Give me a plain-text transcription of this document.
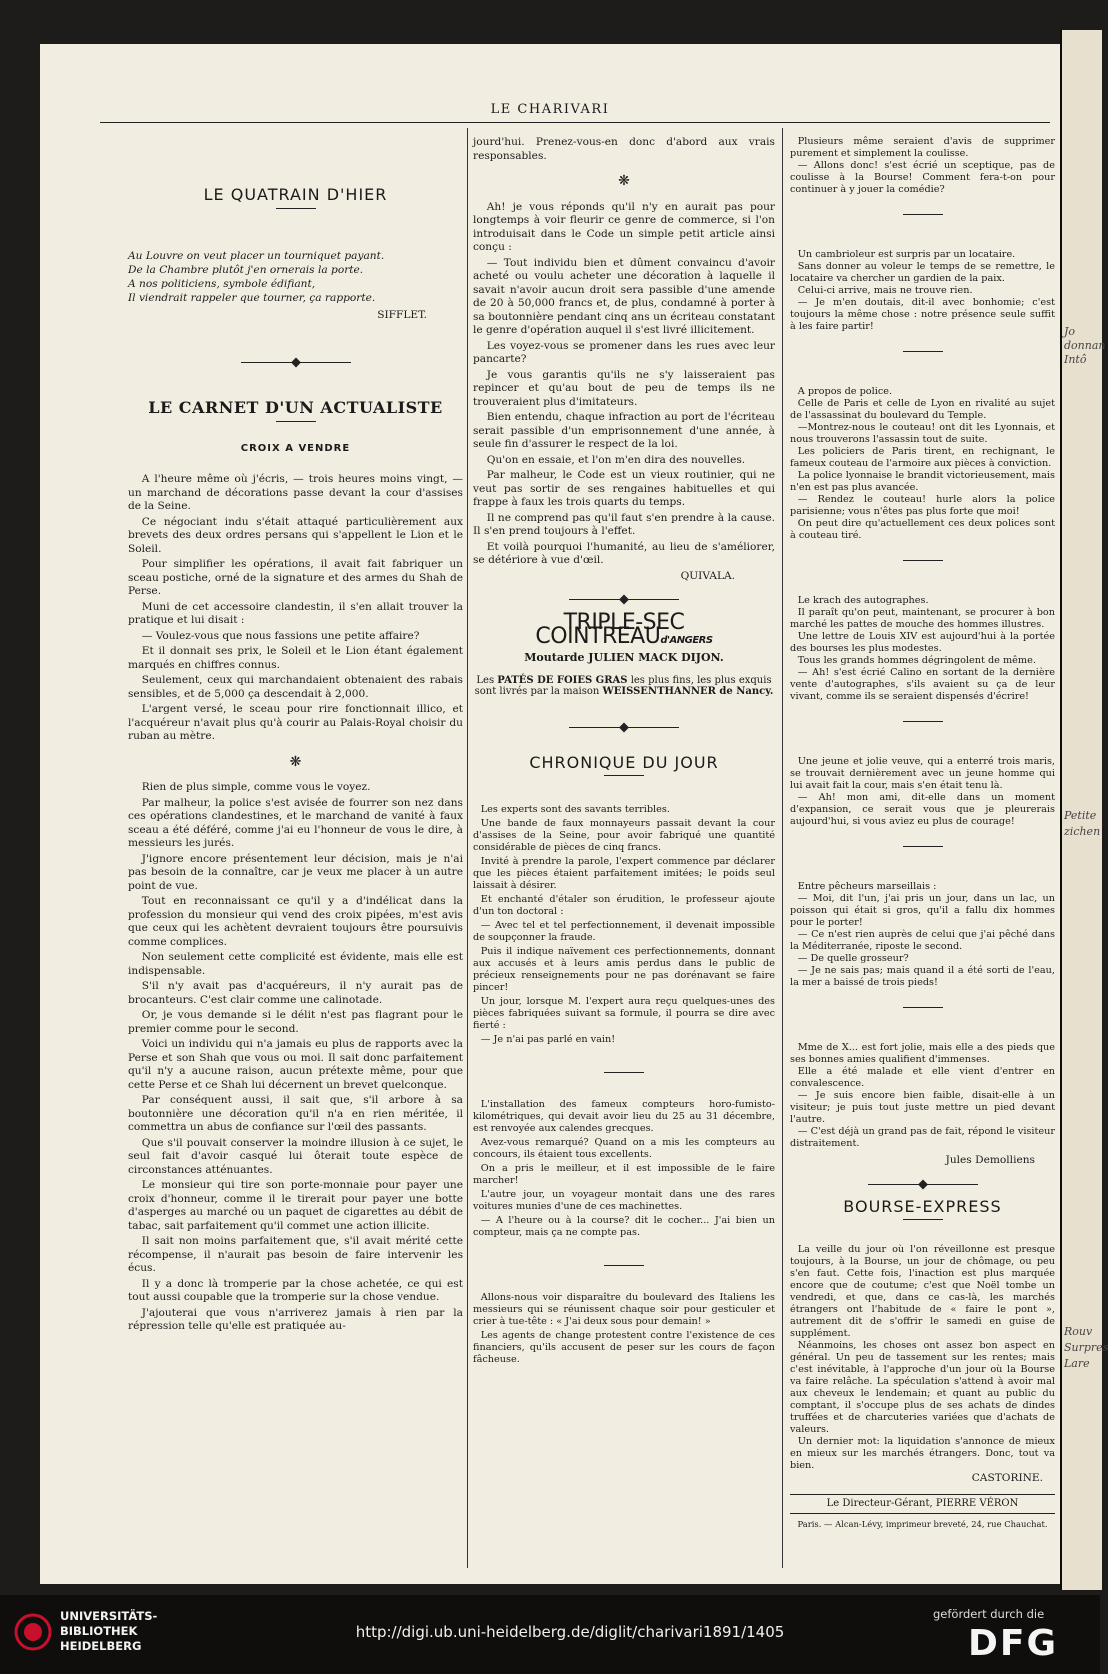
LE CHARIVARI
LE QUATRAIN D'HIER
Au Louvre on veut placer un tourniquet payant.
De la Chambre plutôt j'en ornerais la porte.
A nos politiciens, symbole édifiant,
Il viendrait rappeler que tourner, ça rapporte.
SIFFLET.
LE CARNET D'UN ACTUALISTE
CROIX A VENDRE

A l'heure même où j'écris, — trois heures moins vingt, — un marchand de décorations passe devant la cour d'assises de la Seine.

Ce négociant indu s'était attaqué particulièrement aux brevets des deux ordres persans qui s'appellent le Lion et le Soleil.

Pour simplifier les opérations, il avait fait fabriquer un sceau postiche, orné de la signature et des armes du Shah de Perse.

Muni de cet accessoire clandestin, il s'en allait trouver la pratique et lui disait :

— Voulez-vous que nous fassions une petite affaire?

Et il donnait ses prix, le Soleil et le Lion étant également marqués en chiffres connus.

Seulement, ceux qui marchandaient obtenaient des rabais sensibles, et de 5,000 ça descendait à 2,000.

L'argent versé, le sceau pour rire fonctionnait illico, et l'acquéreur n'avait plus qu'à courir au Palais-Royal choisir du ruban au mètre.

❋

Rien de plus simple, comme vous le voyez.

Par malheur, la police s'est avisée de fourrer son nez dans ces opérations clandestines, et le marchand de vanité à faux sceau a été déféré, comme j'ai eu l'honneur de vous le dire, à messieurs les jurés.

J'ignore encore présentement leur décision, mais je n'ai pas besoin de la connaître, car je veux me placer à un autre point de vue.

Tout en reconnaissant ce qu'il y a d'indélicat dans la profession du monsieur qui vend des croix pipées, m'est avis que ceux qui les achètent devraient toujours être poursuivis comme complices.

Non seulement cette complicité est évidente, mais elle est indispensable.

S'il n'y avait pas d'acquéreurs, il n'y aurait pas de brocanteurs. C'est clair comme une calinotade.

Or, je vous demande si le délit n'est pas flagrant pour le premier comme pour le second.

Voici un individu qui n'a jamais eu plus de rapports avec la Perse et son Shah que vous ou moi. Il sait donc parfaitement qu'il n'y a aucune raison, aucun prétexte même, pour que cette Perse et ce Shah lui décernent un brevet quelconque.

Par conséquent aussi, il sait que, s'il arbore à sa boutonnière une décoration qu'il n'a en rien méritée, il commettra un abus de confiance sur l'œil des passants.

Que s'il pouvait conserver la moindre illusion à ce sujet, le seul fait d'avoir casqué lui ôterait toute espèce de circonstances atténuantes.

Le monsieur qui tire son porte-monnaie pour payer une croix d'honneur, comme il le tirerait pour payer une botte d'asperges au marché ou un paquet de cigarettes au débit de tabac, sait parfaitement qu'il commet une action illicite.

Il sait non moins parfaitement que, s'il avait mérité cette récompense, il n'aurait pas besoin de faire intervenir les écus.

Il y a donc là tromperie par la chose achetée, ce qui est tout aussi coupable que la tromperie sur la chose vendue.

J'ajouterai que vous n'arriverez jamais à rien par la répression telle qu'elle est pratiquée au-

jourd'hui. Prenez-vous-en donc d'abord aux vrais responsables.

❋

Ah! je vous réponds qu'il n'y en aurait pas pour longtemps à voir fleurir ce genre de commerce, si l'on introduisait dans le Code un simple petit article ainsi conçu :

— Tout individu bien et dûment convaincu d'avoir acheté ou voulu acheter une décoration à laquelle il savait n'avoir aucun droit sera passible d'une amende de 20 à 50,000 francs et, de plus, condamné à porter à sa boutonnière pendant cinq ans un écriteau constatant le genre d'opération auquel il s'est livré illicitement.

Les voyez-vous se promener dans les rues avec leur pancarte?

Je vous garantis qu'ils ne s'y laisseraient pas repincer et qu'au bout de peu de temps ils ne trouveraient plus d'imitateurs.

Bien entendu, chaque infraction au port de l'écriteau serait passible d'un emprisonnement d'une année, à seule fin d'assurer le respect de la loi.

Qu'on en essaie, et l'on m'en dira des nouvelles.

Par malheur, le Code est un vieux routinier, qui ne veut pas sortir de ses rengaines habituelles et qui frappe à faux les trois quarts du temps.

Il ne comprend pas qu'il faut s'en prendre à la cause. Il s'en prend toujours à l'effet.

Et voilà pourquoi l'humanité, au lieu de s'améliorer, se détériore à vue d'œil.

QUIVALA.
TRIPLE-SEC COINTREAUd'ANGERS
Moutarde JULIEN MACK DIJON.
Les PATÉS DE FOIES GRAS les plus fins, les plus exquis sont livrés par la maison WEISSENTHANNER de Nancy.
CHRONIQUE DU JOUR

Les experts sont des savants terribles.

Une bande de faux monnayeurs passait devant la cour d'assises de la Seine, pour avoir fabriqué une quantité considérable de pièces de cinq francs.

Invité à prendre la parole, l'expert commence par déclarer que les pièces étaient parfaitement imitées; le poids seul laissait à désirer.

Et enchanté d'étaler son érudition, le professeur ajoute d'un ton doctoral :

— Avec tel et tel perfectionnement, il devenait impossible de soupçonner la fraude.

Puis il indique naïvement ces perfectionnements, donnant aux accusés et à leurs amis perdus dans le public de précieux renseignements pour ne pas dorénavant se faire pincer!

Un jour, lorsque M. l'expert aura reçu quelques-unes des pièces fabriquées suivant sa formule, il pourra se dire avec fierté :

— Je n'ai pas parlé en vain!

L'installation des fameux compteurs horo-fumisto-kilométriques, qui devait avoir lieu du 25 au 31 décembre, est renvoyée aux calendes grecques.

Avez-vous remarqué? Quand on a mis les compteurs au concours, ils étaient tous excellents.

On a pris le meilleur, et il est impossible de le faire marcher!

L'autre jour, un voyageur montait dans une des rares voitures munies d'une de ces machinettes.

— A l'heure ou à la course? dit le cocher... J'ai bien un compteur, mais ça ne compte pas.

Allons-nous voir disparaître du boulevard des Italiens les messieurs qui se réunissent chaque soir pour gesticuler et crier à tue-tête : « J'ai deux sous pour demain! »

Les agents de change protestent contre l'existence de ces financiers, qu'ils accusent de peser sur les cours de façon fâcheuse.

Plusieurs même seraient d'avis de supprimer purement et simplement la coulisse.

— Allons donc! s'est écrié un sceptique, pas de coulisse à la Bourse! Comment fera-t-on pour continuer à y jouer la comédie?

Un cambrioleur est surpris par un locataire.

Sans donner au voleur le temps de se remettre, le locataire va chercher un gardien de la paix.

Celui-ci arrive, mais ne trouve rien.

— Je m'en doutais, dit-il avec bonhomie; c'est toujours la même chose : notre présence seule suffit à les faire partir!

A propos de police.

Celle de Paris et celle de Lyon en rivalité au sujet de l'assassinat du boulevard du Temple.

—Montrez-nous le couteau! ont dit les Lyonnais, et nous trouverons l'assassin tout de suite.

Les policiers de Paris tirent, en rechignant, le fameux couteau de l'armoire aux pièces à conviction.

La police lyonnaise le brandit victorieusement, mais n'en est pas plus avancée.

— Rendez le couteau! hurle alors la police parisienne; vous n'êtes pas plus forte que moi!

On peut dire qu'actuellement ces deux polices sont à couteau tiré.

Le krach des autographes.

Il paraît qu'on peut, maintenant, se procurer à bon marché les pattes de mouche des hommes illustres.

Une lettre de Louis XIV est aujourd'hui à la portée des bourses les plus modestes.

Tous les grands hommes dégringolent de même.

— Ah! s'est écrié Calino en sortant de la dernière vente d'autographes, s'ils avaient su ça de leur vivant, comme ils se seraient dispensés d'écrire!

Une jeune et jolie veuve, qui a enterré trois maris, se trouvait dernièrement avec un jeune homme qui lui avait fait la cour, mais s'en était tenu là.

— Ah! mon ami, dit-elle dans un moment d'expansion, ce serait vous que je pleurerais aujourd'hui, si vous aviez eu plus de courage!

Entre pêcheurs marseillais :

— Moi, dit l'un, j'ai pris un jour, dans un lac, un poisson qui était si gros, qu'il a fallu dix hommes pour le porter!

— Ce n'est rien auprès de celui que j'ai pêché dans la Méditerranée, riposte le second.

— De quelle grosseur?

— Je ne sais pas; mais quand il a été sorti de l'eau, la mer a baissé de trois pieds!

Mme de X... est fort jolie, mais elle a des pieds que ses bonnes amies qualifient d'immenses.

Elle a été malade et elle vient d'entrer en convalescence.

— Je suis encore bien faible, disait-elle à un visiteur; je puis tout juste mettre un pied devant l'autre.

— C'est déjà un grand pas de fait, répond le visiteur distraitement.

Jules Demolliens
BOURSE-EXPRESS

La veille du jour où l'on réveillonne est presque toujours, à la Bourse, un jour de chômage, ou peu s'en faut. Cette fois, l'inaction est plus marquée encore que de coutume; c'est que Noël tombe un vendredi, et que, dans ce cas-là, les marchés étrangers ont l'habitude de « faire le pont », autrement dit de s'offrir le samedi en guise de supplément.

Néanmoins, les choses ont assez bon aspect en général. Un peu de tassement sur les rentes; mais c'est inévitable, à l'approche d'un jour où la Bourse va faire relâche. La spéculation s'attend à avoir mal aux cheveux le lendemain; et quant au public du comptant, il s'occupe plus de ses achats de dindes truffées et de charcuteries variées que d'achats de valeurs.

Un dernier mot: la liquidation s'annonce de mieux en mieux sur les marchés étrangers. Donc, tout va bien.

CASTORINE.
Le Directeur-Gérant, PIERRE VÉRON
Paris. — Alcan-Lévy, imprimeur breveté, 24, rue Chauchat.
Jo
donnan
Intô
Petite
zichen
Rouv
Surpres
Lare
UNIVERSITÄTS-
BIBLIOTHEK
HEIDELBERG
http://digi.ub.uni-heidelberg.de/diglit/charivari1891/1405
gefördert durch die
DFG
